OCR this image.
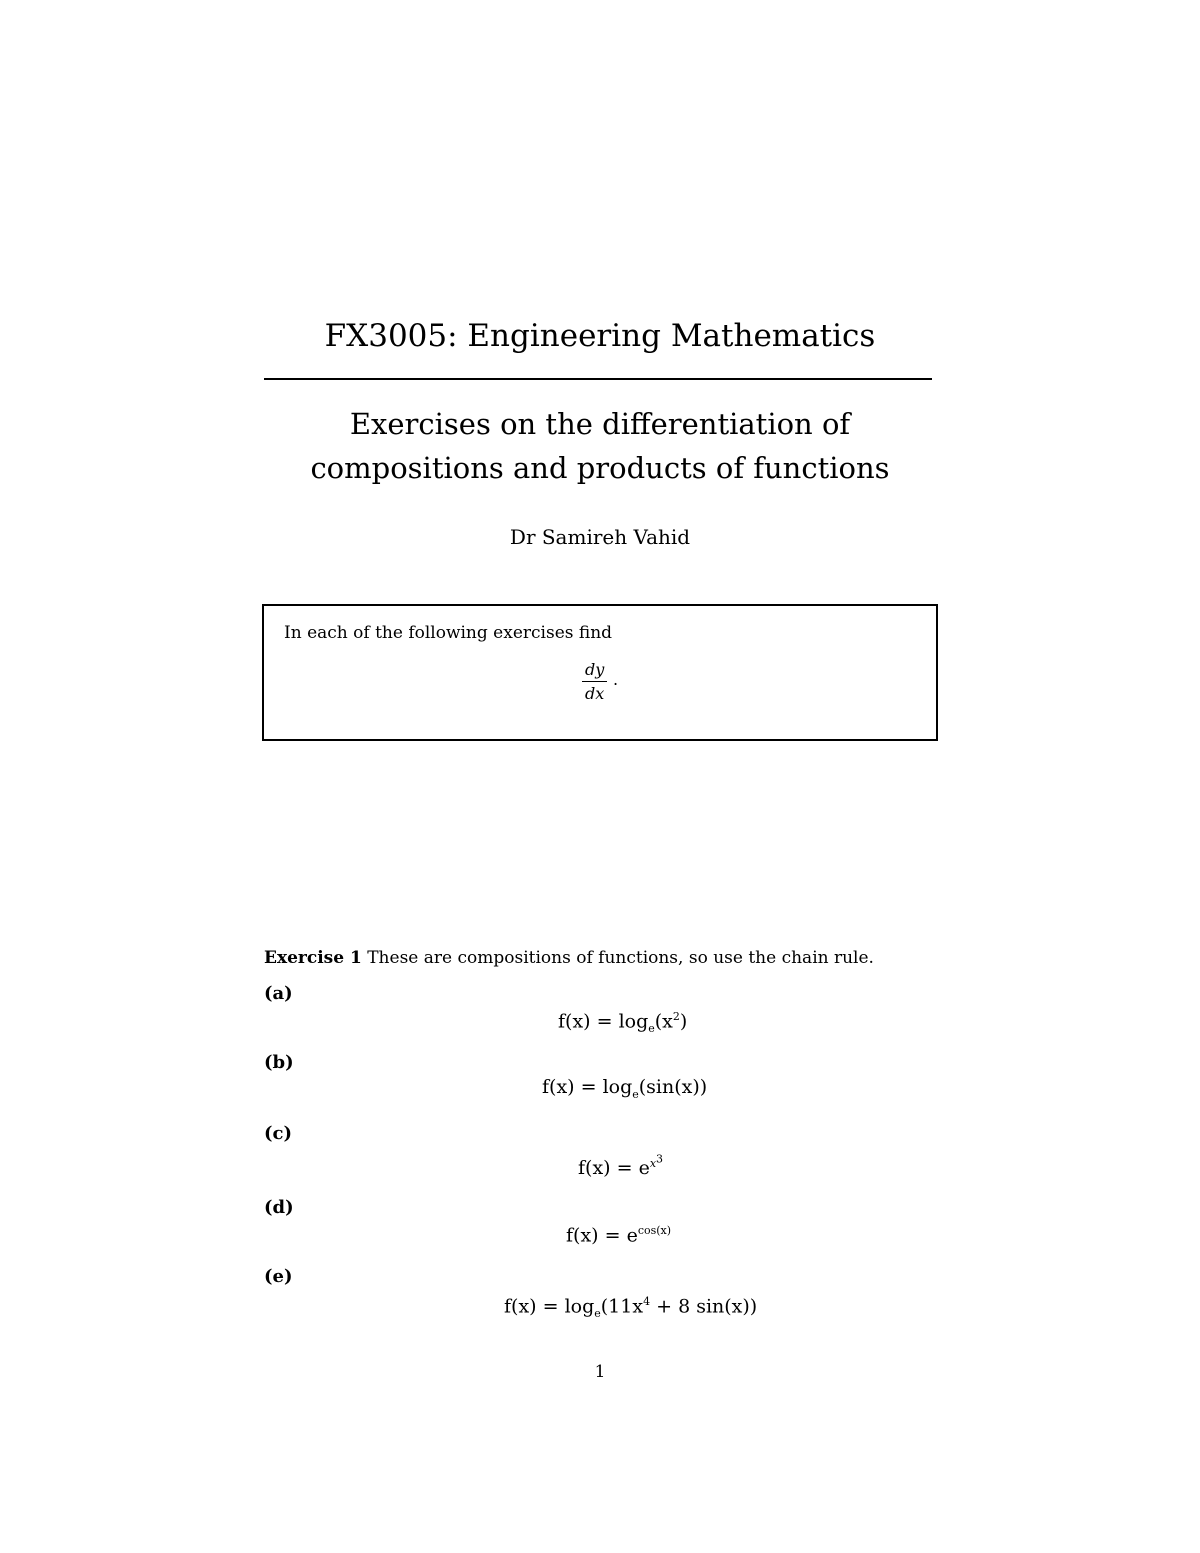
FX3005: Engineering Mathematics
Exercises on the differentiation of
compositions and products of functions
Dr Samireh Vahid
In each of the following exercises find
dy
dx
.
Exercise 1 These are compositions of functions, so use the chain rule.
(a)
$f(x) = \log_e(x^2)$
(b)
$f(x) = \log_e(\sin(x))$
(c)
$f(x) = e^{x^3}$
(d)
$f(x) = e^{cos(x)}$
(e)
$f(x) = \log_e(11x^4 + 8$ sin(x))
1
